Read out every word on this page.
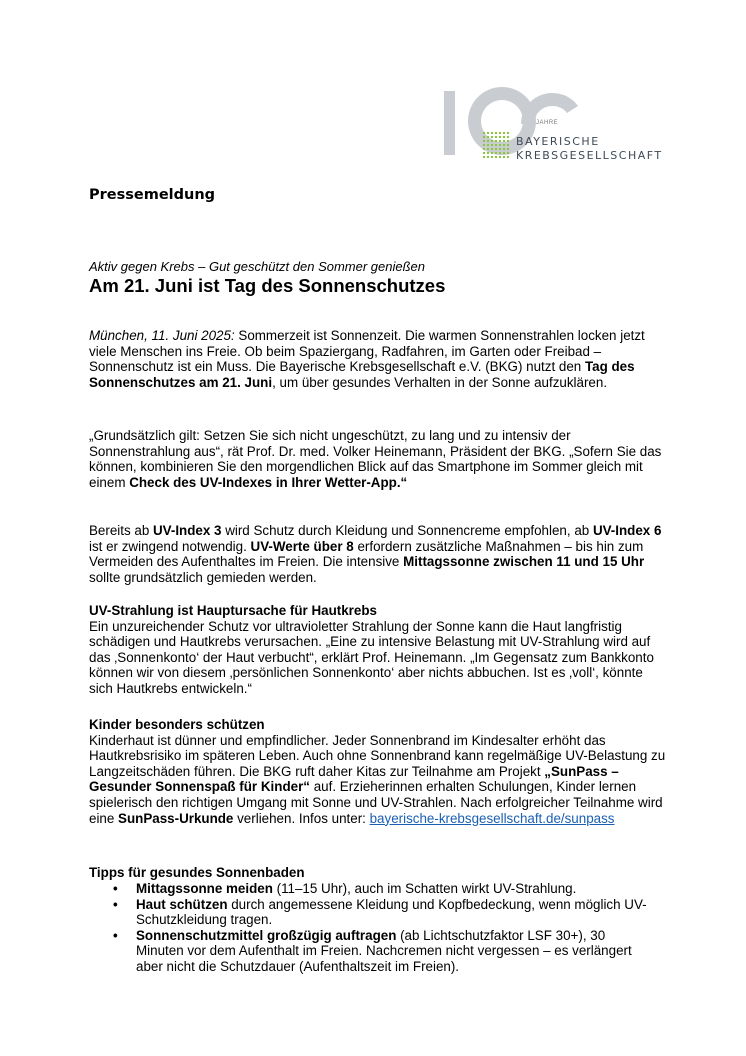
JAHRE
BAYERISCHE
KREBSGESELLSCHAFT
Pressemeldung
Aktiv gegen Krebs – Gut geschützt den Sommer genießen
Am 21. Juni ist Tag des Sonnenschutzes
München, 11. Juni 2025: Sommerzeit ist Sonnenzeit. Die warmen Sonnenstrahlen locken jetzt viele Menschen ins Freie. Ob beim Spaziergang, Radfahren, im Garten oder Freibad – Sonnenschutz ist ein Muss. Die Bayerische Krebsgesellschaft e.V. (BKG) nutzt den Tag des Sonnenschutzes am 21. Juni, um über gesundes Verhalten in der Sonne aufzuklären.
„Grundsätzlich gilt: Setzen Sie sich nicht ungeschützt, zu lang und zu intensiv der Sonnenstrahlung aus“, rät Prof. Dr. med. Volker Heinemann, Präsident der BKG. „Sofern Sie das können, kombinieren Sie den morgendlichen Blick auf das Smartphone im Sommer gleich mit einem Check des UV-Indexes in Ihrer Wetter-App.“
Bereits ab UV-Index 3 wird Schutz durch Kleidung und Sonnencreme empfohlen, ab UV-Index 6 ist er zwingend notwendig. UV-Werte über 8 erfordern zusätzliche Maßnahmen – bis hin zum Vermeiden des Aufenthaltes im Freien. Die intensive Mittagssonne zwischen 11 und 15 Uhr sollte grundsätzlich gemieden werden.
UV-Strahlung ist Hauptursache für Hautkrebs
Ein unzureichender Schutz vor ultravioletter Strahlung der Sonne kann die Haut langfristig schädigen und Hautkrebs verursachen. „Eine zu intensive Belastung mit UV-Strahlung wird auf das ‚Sonnenkonto‘ der Haut verbucht“, erklärt Prof. Heinemann. „Im Gegensatz zum Bankkonto können wir von diesem ‚persönlichen Sonnenkonto‘ aber nichts abbuchen. Ist es ‚voll‘, könnte sich Hautkrebs entwickeln.“
Kinder besonders schützen
Kinderhaut ist dünner und empfindlicher. Jeder Sonnenbrand im Kindesalter erhöht das Hautkrebsrisiko im späteren Leben. Auch ohne Sonnenbrand kann regelmäßige UV-Belastung zu Langzeitschäden führen. Die BKG ruft daher Kitas zur Teilnahme am Projekt „SunPass – Gesunder Sonnenspaß für Kinder“ auf. Erzieherinnen erhalten Schulungen, Kinder lernen spielerisch den richtigen Umgang mit Sonne und UV-Strahlen. Nach erfolgreicher Teilnahme wird eine SunPass-Urkunde verliehen. Infos unter: bayerische-krebsgesellschaft.de/sunpass
Tipps für gesundes Sonnenbaden
• Mittagssonne meiden (11–15 Uhr), auch im Schatten wirkt UV-Strahlung.
• Haut schützen durch angemessene Kleidung und Kopfbedeckung, wenn möglich UV-Schutzkleidung tragen.
• Sonnenschutzmittel großzügig auftragen (ab Lichtschutzfaktor LSF 30+), 30 Minuten vor dem Aufenthalt im Freien. Nachcremen nicht vergessen – es verlängert aber nicht die Schutzdauer (Aufenthaltszeit im Freien).
